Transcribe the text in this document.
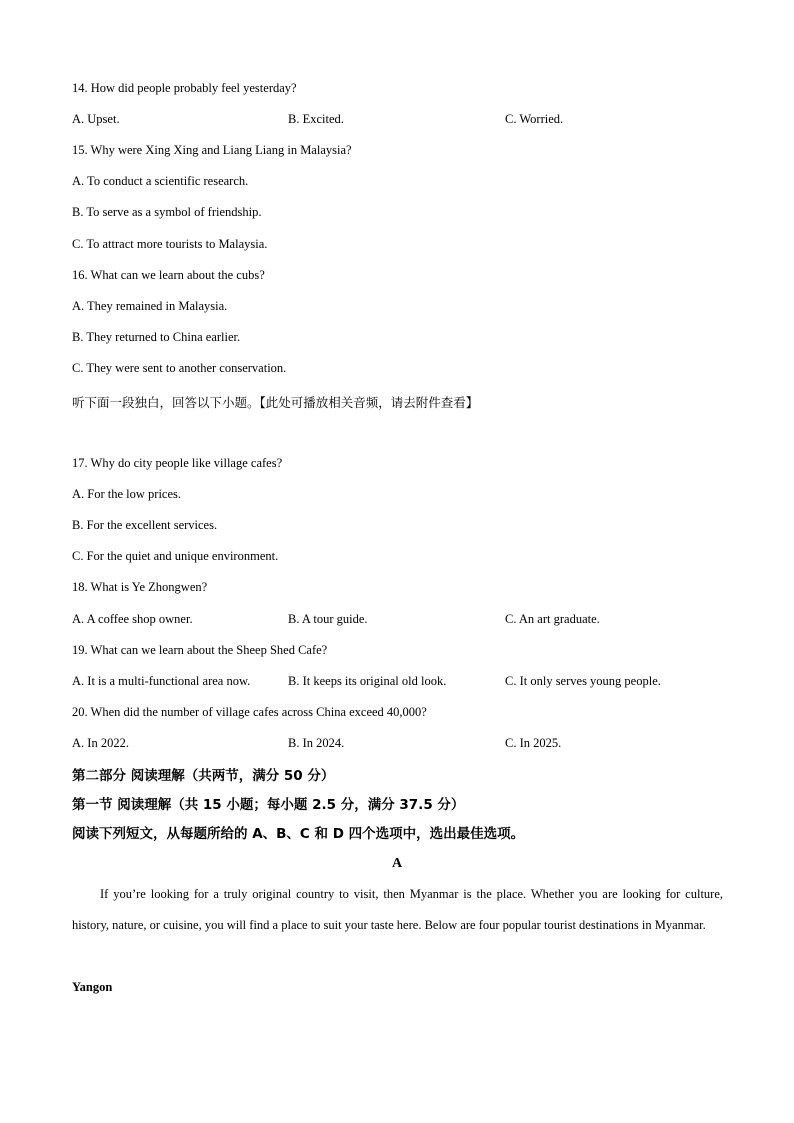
14. How did people probably feel yesterday?
A. Upset.	B. Excited.	C. Worried.
15. Why were Xing Xing and Liang Liang in Malaysia?
A. To conduct a scientific research.
B. To serve as a symbol of friendship.
C. To attract more tourists to Malaysia.
16. What can we learn about the cubs?
A. They remained in Malaysia.
B. They returned to China earlier.
C. They were sent to another conservation.
听下面一段独白，回答以下小题。【此处可播放相关音频，请去附件查看】
17. Why do city people like village cafes?
A. For the low prices.
B. For the excellent services.
C. For the quiet and unique environment.
18. What is Ye Zhongwen?
A. A coffee shop owner.	B. A tour guide.	C. An art graduate.
19. What can we learn about the Sheep Shed Cafe?
A. It is a multi-functional area now.	B. It keeps its original old look.	C. It only serves young people.
20. When did the number of village cafes across China exceed 40,000?
A. In 2022.	B. In 2024.	C. In 2025.
第二部分 阅读理解（共两节，满分 50 分）
第一节 阅读理解（共 15 小题；每小题 2.5 分，满分 37.5 分）
阅读下列短文，从每题所给的 A、B、C 和 D 四个选项中，选出最佳选项。
A
If you’re looking for a truly original country to visit, then Myanmar is the place. Whether you are looking for culture, history, nature, or cuisine, you will find a place to suit your taste here. Below are four popular tourist destinations in Myanmar.
Yangon
